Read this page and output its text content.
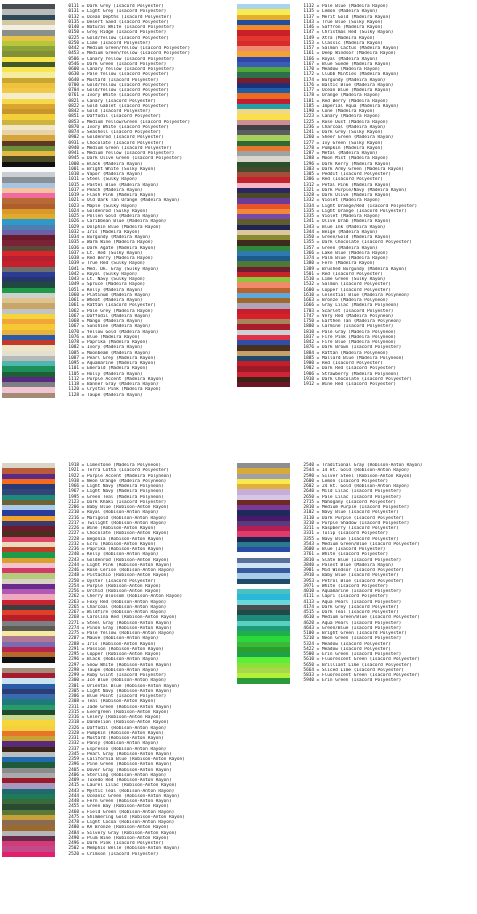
0111 = Dark Grey (Isacord Polyester)
0131 = Light Grey (Isacord Polyester)
0132 = Ocean Depths (Isacord Polyester)
0135 = Desert Sand (Isacord Polyester)
0140 = Natural White (Isacord Polyester)
0150 = Grey Ridge (Isacord Polyester)
0225 = Gold/Yellow (Isacord Polyester)
0250 = Lime (Isacord Polyester)
0442 = Medium Green/Yellow (Isacord Polyester)
0453 = Medium Green/Yellow (Isacord Polyester)
0506 = Canary Yellow (Isacord Polyester)
0546 = Dark Green (Isacord Polyester)
0600 = Canary Yellow (Isacord Polyester)
0630 = Pale Yellow (Isacord Polyester)
0640 = Mustard (Isacord Polyester)
0700 = Gold/Yellow (Isacord Polyester)
0704 = Gold/Yellow (Isacord Polyester)
0761 = Ivory White (Isacord Polyester)
0821 = Canary (Isacord Polyester)
0822 = Gold Gablet (Isacord Polyester)
0842 = Gold (Isacord Polyester)
0851 = Daffodil (Isacord Polyester)
0853 = Medium Yellow/Green (Isacord Polyester)
0870 = Ivory White (Isacord Polyester)
0874 = Seashell (Isacord Polyester)
0902 = Goldenrod (Isacord Polyester)
0931 = Chocolate (Isacord Polyester)
0940 = Medium Green (Isacord Polyester)
0941 = Medium Yellow (Isacord Polyester)
0945 = Dark Olive Green (Isacord Polyester)
1000 = Black (Madeira Rayon)
1001 = Bright White (Sulky Rayon)
1010 = Vapor (Madeira Rayon)
1011 = Steel (Sulky Rayon)
1015 = Pastel Blue (Madeira Rayon)
1017 = Peach (Madeira Rayon)
1019 = Flash Pink (Madeira Rayon)
1021 = Old Dark Tan Orange (Madeira Rayon)
1023 = Maple (Sulky Rayon)
1024 = Goldenrod (Sulky Rayon)
1025 = Pollen Gold (Madeira Rayon)
1026 = Caribbean Blue (Madeira Rayon)
1029 = Dolphin Blue (Madeira Rayon)
1032 = Iris (Madeira Rayon)
1034 = Burgundy (Madeira Rayon)
1035 = Warm Wine (Madeira Rayon)
1036 = Dark Agate (Madeira Rayon)
1037 = Lt. Red (Sulky Rayon)
1038 = Red Berry (Madeira Rayon)
1039 = True Red (Sulky Rayon)
1041 = Med. Dk. Gray (Sulky Rayon)
1042 = Royal (Sulky Rayon)
1043 = Lt. Navy (Sulky Rayon)
1049 = Spruce (Madeira Rayon)
1051 = Kelly (Madeira Rayon)
1060 = Platinum (Madeira Rayon)
1061 = Wheat (Madeira Rayon)
1061 = Rattan (Isacord Polyester)
1062 = Pale Grey (Madeira Rayon)
1067 = Daffodil (Madeira Rayon)
1068 = Mango (Madeira Rayon)
1067 = Sunshine (Madeira Rayon)
1070 = Yellow Gold (Madeira Rayon)
1076 = Blue (Madeira Rayon)
1078 = Paprika (Madeira Rayon)
1082 = Ivory (Madeira Rayon)
1085 = Moonbeam (Madeira Rayon)
1087 = Pearl Grey (Madeira Rayon)
1095 = Aquamarine (Madeira Rayon)
1101 = Emerald (Madeira Rayon)
1105 = Holly (Madeira Rayon)
1112 = Purple Accent (Madeira Rayon)
1118 = Banner Gray (Madeira Rayon)
1120 = Crystal Pink (Madeira Rayon)
1128 = Taupe (Madeira Rayon)
1132 = Pale Blue (Madeira Rayon)
1135 = Lemon (Madeira Rayon)
1137 = Merit Gold (Madeira Rayon)
1143 = True Blue (Sulky Rayon)
1146 = Saffron (Madeira Rayon)
1147 = Christmas Red (Sulky Rayon)
1149 = Xtra (Madeira Rayon)
1153 = Classic (Madeira Rayon)
1157 = Salmon Cactus (Madeira Rayon)
1161 = Deep Windsor (Madeira Rayon)
1166 = Royal (Madeira Rayon)
1167 = Blue Suede (Madeira Rayon)
1170 = Meadow (Madeira Rayon)
1172 = Clubb Minties (Madeira Rayon)
1174 = Burgundy (Madeira Rayon)
1176 = Baltic Blue (Madeira Rayon)
1177 = Ocean Blue (Madeira Rayon)
1178 = Orange (Madeira Rayon)
1181 = Red Berry (Madeira Rayon)
1185 = Imperial Aqua (Madeira Rayon)
1190 = Cone (Madeira Rayon)
1223 = Canary (Madeira Rayon)
1225 = Rose Dust (Madeira Rayon)
1236 = Charcoal (Madeira Rayon)
1241 = Dark Grey (Sulky Rayon)
1260 = Sheer Green (Madeira Rayon)
1277 = Ivy Green (Sulky Rayon)
1278 = Pumpkin (Madeira Rayon)
1287 = Metal (Madeira Rayon)
1288 = Moon Mist (Madeira Rayon)
1296 = Dark Kerry (Madeira Rayon)
1303 = Dark Army Green (Madeira Rayon)
1305 = Peddit (Isacord Polyester)
1306 = Red (Isacord Polyester)
1312 = Petal Pink (Madeira Rayon)
1321 = Dark Purple/Navy (Madeira Rayon)
1328 = Dark Olive (Madeira Rayon)
1332 = Violet (Madeira Rayon)
1334 = Light Orange/Red (Isacord Polyester)
1335 = Light Orange (Isacord Polyester)
1335 = Violet (Madeira Rayon)
1341 = Olive Drab (Madeira Rayon)
1343 = Blue Ink (Madeira Rayon)
1344 = Beige (Madeira Rayon)
1350 = Green/Gold (Madeira Rayon)
1355 = Dark Chocolate (Isacord Polyester)
1357 = Green (Madeira Rayon)
1366 = Lake Blue (Madeira Rayon)
1374 = Palm Blue (Madeira Rayon)
1380 = Fern (Madeira Rayon)
1389 = Brushed Burgundy (Madeira Rayon)
1501 = Red (Isacord Polyester)
1510 = Lime Green (Sulky Rayon)
1532 = Salmon (Isacord Polyester)
1600 = Copper (Isacord Polyester)
1610 = Celestial Blue (Madeira Polyneon)
1663 = Bronze (Madeira Polyneon)
1666 = Gray Lilac (Madeira Polyneon)
1703 = Scarlet (Isacord Polyester)
1747 = Very Red (Madeira Polyneon)
1750 = Earthen Tan (Madeira Polyneon)
1800 = Carmine (Isacord Polyester)
1810 = Pale Gray (Madeira Polyneon)
1837 = Fire Pink (Madeira Polyneon)
1842 = Fire Blue (Madeira Polyneon)
1876 = Dark Brown (Isacord Polyester)
1884 = Rattan (Madeira Polyneon)
1885 = Mallard Blue (Madeira Polyneon)
1900 = Red (Isacord Polyester)
1902 = Dark Red (Isacord Polyester)
1906 = Strawberry (Madeira Polyneon)
1910 = Dark Chocolate (Isacord Polyester)
1912 = Wine Red (Isacord Polyester)
1918 = Limestone (Madeira Polyneon)
1921 = Terra Cotta (Isacord Polyester)
1922 = Purple Accent (Madeira Polyneon)
1938 = Neon Orange (Madeira Polyneon)
1966 = Light Navy (Madeira Polyneon)
1967 = Light Navy (Madeira Polyneon)
1995 = Green Teal (Madeira Polyneon)
2123 = Dark Khaki (Isacord Polyester)
2206 = Baby Blue (Robison-Anton Rayon)
2210 = Royal (Robison-Anton Rayon)
2216 = Marigold (Robison-Anton Rayon)
2217 = Twilight (Robison-Anton Rayon)
2226 = Wine (Robison-Anton Rayon)
2227 = Chocolate (Robison-Anton Rayon)
2228 = Begonia (Robison-Anton Rayon)
2232 = Ecru (Robison-Anton Rayon)
2236 = Paprika (Robison-Anton Rayon)
2240 = Kelly (Robison-Anton Rayon)
2243 = Goldenrod (Robison-Anton Rayon)
2244 = Light Pink (Robison-Anton Rayon)
2246 = Rose Cerise (Robison-Anton Rayon)
2248 = Pistachio (Robison-Anton Rayon)
2250 = Oyster (Isacord Polyester)
2254 = Purple (Robison-Anton Rayon)
2256 = Orchid (Robison-Anton Rayon)
2262 = Cherry Blossom (Robison-Anton Rayon)
2263 = Foxy Red (Robison-Anton Rayon)
2265 = Charcoal (Robison-Anton Rayon)
2267 = Wildfire (Robison-Anton Rayon)
2268 = Carolina Red (Robison-Anton Rayon)
2271 = Steel Gray (Robison-Anton Rayon)
2274 = Pinon Gray (Robison-Anton Rayon)
2275 = Pale Yellow (Robison-Anton Rayon)
2287 = Mauve (Robison-Anton Rayon)
2288 = Iris (Robison-Anton Rayon)
2291 = Passion (Robison-Anton Rayon)
2295 = Copper (Robison-Anton Rayon)
2296 = Black (Robison-Anton Rayon)
2297 = Snow White (Robison-Anton Rayon)
2298 = Taupe (Robison-Anton Rayon)
2299 = Ruby Glint (Isacord Polyester)
2300 = Ice Blue (Robison-Anton Rayon)
2301 = Oriental Blue (Robison-Anton Rayon)
2305 = Light Navy (Robison-Anton Rayon)
2306 = Blue Point (Isacord Polyester)
2308 = Teal (Robison-Anton Rayon)
2311 = Jade Green (Robison-Anton Rayon)
2315 = Evergreen (Robison-Anton Rayon)
2316 = Celery (Robison-Anton Rayon)
2318 = Dandelion (Robison-Anton Rayon)
2326 = Daffodil (Robison-Anton Rayon)
2328 = Pumpkin (Robison-Anton Rayon)
2331 = Mustard (Robison-Anton Rayon)
2332 = Pansy (Robison-Anton Rayon)
2337 = Espresso (Robison-Anton Rayon)
2345 = Pearl Gray (Robison-Anton Rayon)
2359 = California Blue (Robison-Anton Rayon)
2396 = Pine Green (Robison-Anton Rayon)
2405 = Dover Gray (Robison-Anton Rayon)
2406 = Sterling (Robison-Anton Rayon)
2409 = Tuxedo Red (Robison-Anton Rayon)
2415 = Laurel Lilac (Robison-Anton Rayon)
2443 = Mystic Teal (Robison-Anton Rayon)
2444 = Oceanic Green (Robison-Anton Rayon)
2448 = Fern Green (Robison-Anton Rayon)
2455 = Green Bay (Robison-Anton Rayon)
2460 = Field Green (Robison-Anton Rayon)
2475 = Shimmering Gold (Robison-Anton Rayon)
2478 = Light Cocoa (Robison-Anton Rayon)
2480 = KA Bronze (Robison-Anton Rayon)
2484 = Silvery Gray (Robison-Anton Rayon)
2490 = Plum Wine (Robison-Anton Rayon)
2496 = Dark Pink (Isacord Polyester)
2502 = Memphis Belle (Robison-Anton Rayon)
2520 = Crimson (Isacord Polyester)
2540 = Traditional Gray (Robison-Anton Rayon)
2544 = 14 kt. Gold (Robison-Anton Rayon)
2590 = Silver Steel (Robison-Anton Rayon)
2600 = Lemon (Isacord Polyester)
2602 = 24 kt. Gold (Robison-Anton Rayon)
2640 = Mild Lilac (Isacord Polyester)
2650 = Pale Lilac (Isacord Polyester)
2715 = Mahogany (Isacord Polyester)
2810 = Medium Purple (Isacord Polyester)
3102 = Navy Blue (Isacord Polyester)
3110 = Dark Purple (Isacord Polyester)
3210 = Purple Shadow (Isacord Polyester)
3211 = Raspberry (Isacord Polyester)
3331 = Tulip (Isacord Polyester)
3355 = Navy Blue (Isacord Polyester)
3543 = Medium Green/Blue (Isacord Polyester)
3600 = Blue (Isacord Polyester)
3761 = White (Isacord Polyester)
3810 = Slate Blue (Isacord Polyester)
3840 = Palest Blue (Madeira Rayon)
3901 = Mid Windsor (Isacord Polyester)
3910 = Baby Blue (Isacord Polyester)
3953 = Petrol Blue (Isacord Polyester)
3971 = White (Isacord Polyester)
4010 = Aquamarine (Isacord Polyester)
4111 = Capri (Isacord Polyester)
4113 = Aqua Pearl (Isacord Polyester)
4174 = Dark Grey (Isacord Polyester)
4515 = Dark Teal (Isacord Polyester)
4610 = Medium Green/Blue (Isacord Polyester)
4620 = Aqua Pearl (Isacord Polyester)
4643 = Green/Blue (Isacord Polyester)
5100 = Bright Green (Isacord Polyester)
5210 = Neon Green (Isacord Polyester)
5324 = Meadow (Isacord Polyester)
5422 = Meadow (Isacord Polyester)
5500 = Erin Green (Isacord Polyester)
5610 = Fluorescent Green (Isacord Polyester)
5650 = Brilliant Lime (Isacord Polyester)
5664 = Sliced Lime (Isacord Polyester)
5833 = Fluorescent Green (Isacord Polyester)
5940 = Erin Green (Isacord Polyester)
